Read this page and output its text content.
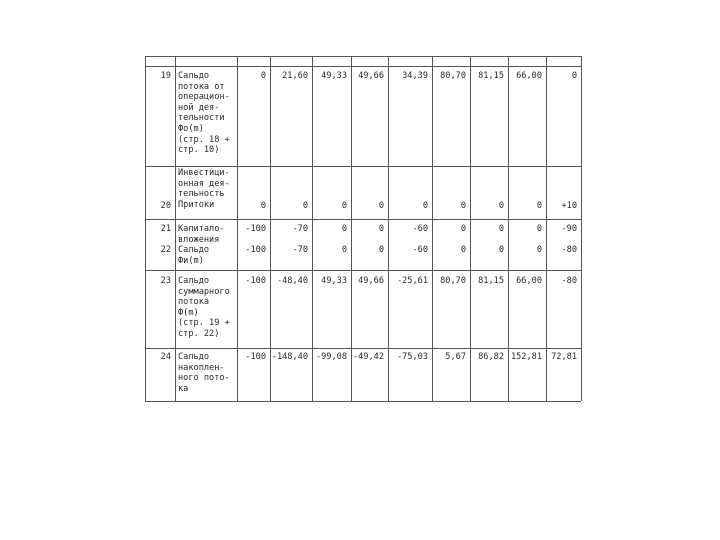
19 Сальдо
потока от
операцион-
ной дея-
тельности
Фо(m)
(стр. 18 +
стр. 10)
0	21,60	49,33	49,66	34,39	80,70	81,15	66,00	0
20
Инвестици-
онная дея-
тельность
Притоки	0	0	0	0	0	0	0	0	+10
21 Капитало-
вложения
-100	-70	0	0	-60	0	0	0	-90
22 Сальдо
Фи(m)
-100	-70	0	0	-60	0	0	0	-80
23 Сальдо
суммарного
потока
Ф(m)
(стр. 19 +
стр. 22)
-100	-48,40	49,33	49,66	-25,61	80,70	81,15	66,00	-80
24 Сальдо
накоплен-
ного пото-
ка
-100 -148,40 -99,08 -49,42	-75,03	5,67	86,82 152,81	72,81
